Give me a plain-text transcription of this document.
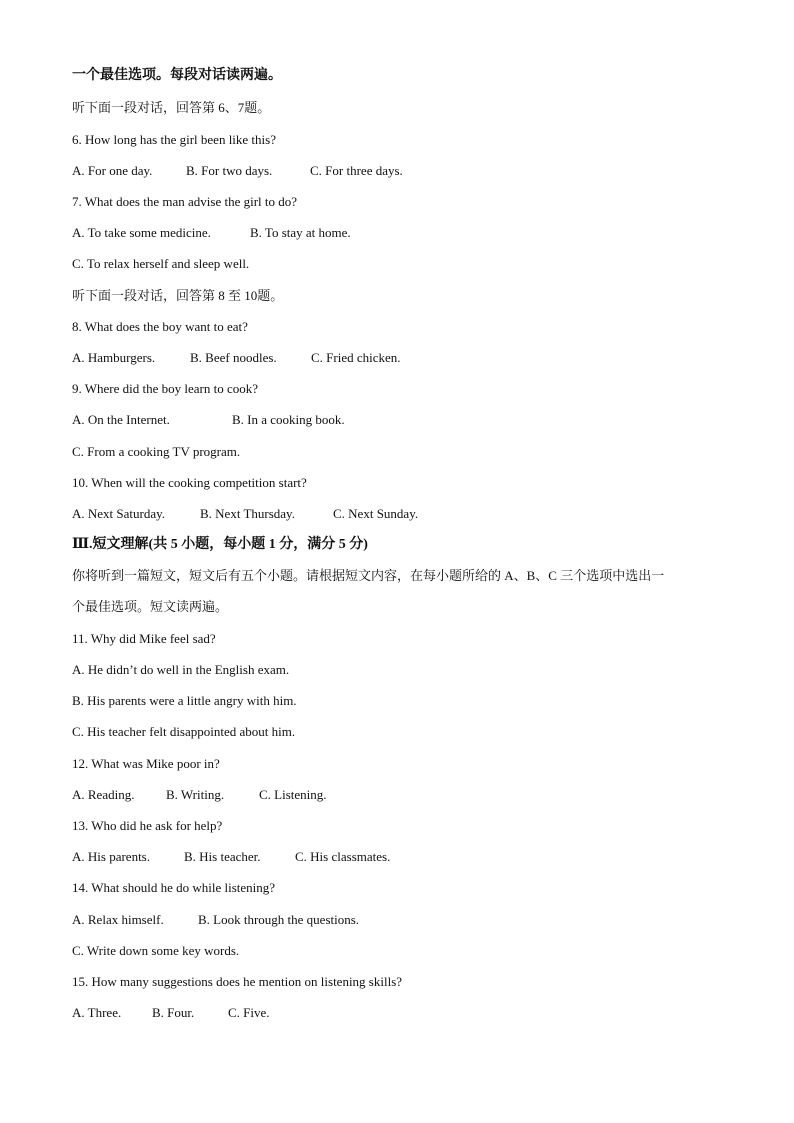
一个最佳选项。每段对话读两遍。
听下面一段对话，回答第 6、7题。
6. How long has the girl been like this?
A. For one day.	B. For two days.	C. For three days.
7. What does the man advise the girl to do?
A. To take some medicine.	B. To stay at home.
C. To relax herself and sleep well.
听下面一段对话，回答第 8 至 10题。
8. What does the boy want to eat?
A. Hamburgers.	B. Beef noodles.	C. Fried chicken.
9. Where did the boy learn to cook?
A. On the Internet.	B. In a cooking book.
C. From a cooking TV program.
10. When will the cooking competition start?
A. Next Saturday.	B. Next Thursday.	C. Next Sunday.
Ⅲ.短文理解(共 5 小题，每小题 1 分，满分 5 分)
你将听到一篇短文，短文后有五个小题。请根据短文内容，在每小题所给的 A、B、C 三个选项中选出一
个最佳选项。短文读两遍。
11. Why did Mike feel sad?
A. He didn’t do well in the English exam.
B. His parents were a little angry with him.
C. His teacher felt disappointed about him.
12. What was Mike poor in?
A. Reading. B. Writing.	C. Listening.
13. Who did he ask for help?
A. His parents.	B. His teacher.	C. His classmates.
14. What should he do while listening?
A. Relax himself.	B. Look through the questions.
C. Write down some key words.
15. How many suggestions does he mention on listening skills?
A. Three. B. Four.	C. Five.
